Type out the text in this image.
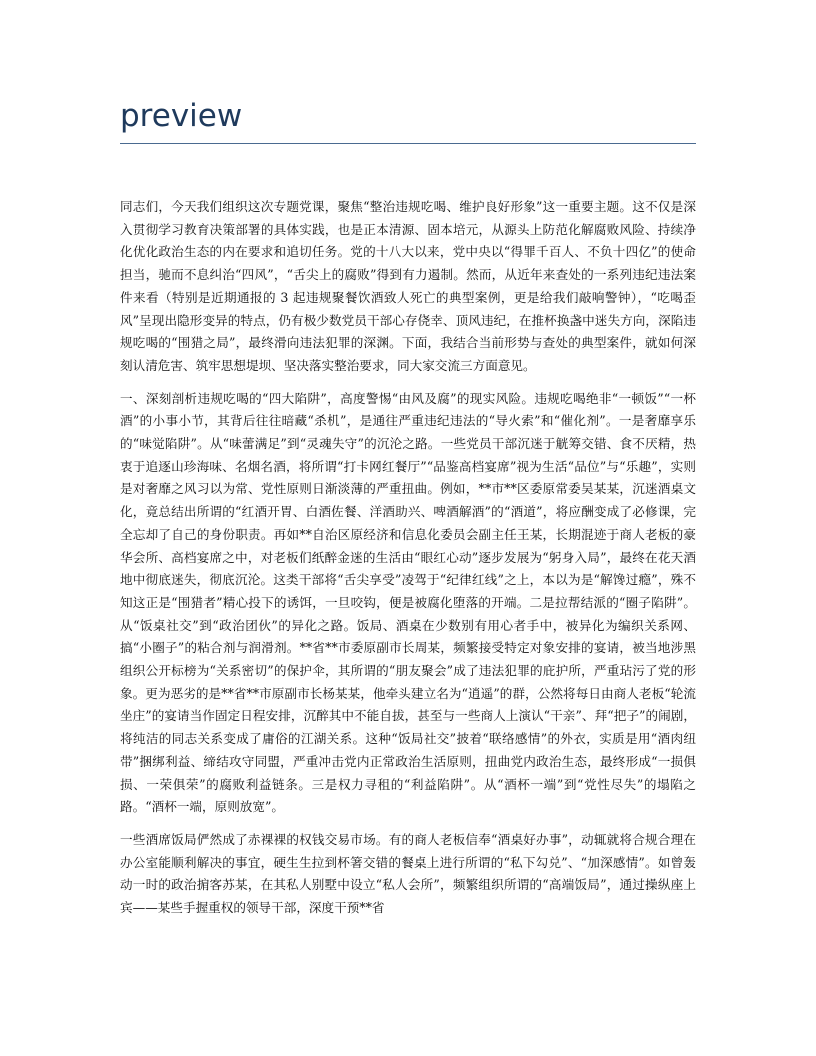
preview

同志们，今天我们组织这次专题党课，聚焦“整治违规吃喝、维护良好形象”这一重要主题。这不仅是深入贯彻学习教育决策部署的具体实践，也是正本清源、固本培元，从源头上防范化解腐败风险、持续净化优化政治生态的内在要求和追切任务。党的十八大以来，党中央以“得罪千百人、不负十四亿”的使命担当，驰而不息纠治“四风”，“舌尖上的腐败”得到有力遏制。然而，从近年来查处的一系列违纪违法案件来看（特别是近期通报的 3 起违规聚餐饮酒致人死亡的典型案例，更是给我们敲响警钟），“吃喝歪风”呈现出隐形变异的特点，仍有极少数党员干部心存侥幸、顶风违纪，在推杯换盏中迷失方向，深陷违规吃喝的“围猎之局”，最终滑向违法犯罪的深渊。下面，我结合当前形势与查处的典型案件，就如何深刻认清危害、筑牢思想堤坝、坚决落实整治要求，同大家交流三方面意见。

一、深刻剖析违规吃喝的“四大陷阱”，高度警惕“由风及腐”的现实风险。违规吃喝绝非“一顿饭”“一杯酒”的小事小节，其背后往往暗藏“杀机”，是通往严重违纪违法的“导火索”和“催化剂”。一是奢靡享乐的“味觉陷阱”。从“味蕾满足”到“灵魂失守”的沉沦之路。一些党员干部沉迷于觥筹交错、食不厌精，热衷于追逐山珍海味、名烟名酒，将所谓“打卡网红餐厅”“品鉴高档宴席”视为生活“品位”与“乐趣”，实则是对奢靡之风习以为常、党性原则日渐淡薄的严重扭曲。例如，**市**区委原常委吴某某，沉迷酒桌文化，竟总结出所谓的“红酒开胃、白酒佐餐、洋酒助兴、啤酒解酒”的“酒道”，将应酬变成了必修课，完全忘却了自己的身份职责。再如**自治区原经济和信息化委员会副主任王某，长期混迹于商人老板的豪华会所、高档宴席之中，对老板们纸醉金迷的生活由“眼红心动”逐步发展为“躬身入局”，最终在花天酒地中彻底迷失，彻底沉沦。这类干部将“舌尖享受”凌驾于“纪律红线”之上，本以为是“解馋过瘾”，殊不知这正是“围猎者”精心投下的诱饵，一旦咬钩，便是被腐化堕落的开端。二是拉帮结派的“圈子陷阱”。从“饭桌社交”到“政治团伙”的异化之路。饭局、酒桌在少数别有用心者手中，被异化为编织关系网、搞“小圈子”的粘合剂与润滑剂。**省**市委原副市长周某，频繁接受特定对象安排的宴请，被当地涉黑组织公开标榜为“关系密切”的保护伞，其所谓的“朋友聚会”成了违法犯罪的庇护所，严重玷污了党的形象。更为恶劣的是**省**市原副市长杨某某，他牵头建立名为“逍遥”的群，公然将每日由商人老板“轮流坐庄”的宴请当作固定日程安排，沉醉其中不能自拔，甚至与一些商人上演认“干亲”、拜“把子”的闹剧，将纯洁的同志关系变成了庸俗的江湖关系。这种“饭局社交”披着“联络感情”的外衣，实质是用“酒肉纽带”捆绑利益、缔结攻守同盟，严重冲击党内正常政治生活原则，扭曲党内政治生态，最终形成“一损俱损、一荣俱荣”的腐败利益链条。三是权力寻租的“利益陷阱”。从“酒杯一端”到“党性尽失”的塌陷之路。“酒杯一端，原则放宽”。

一些酒席饭局俨然成了赤裸裸的权钱交易市场。有的商人老板信奉“酒桌好办事”，动辄就将合规合理在办公室能顺利解决的事宜，硬生生拉到杯箸交错的餐桌上进行所谓的“私下勾兑”、“加深感情”。如曾轰动一时的政治掮客苏某，在其私人别墅中设立“私人会所”，频繁组织所谓的“高端饭局”，通过操纵座上宾——某些手握重权的领导干部，深度干预**省
